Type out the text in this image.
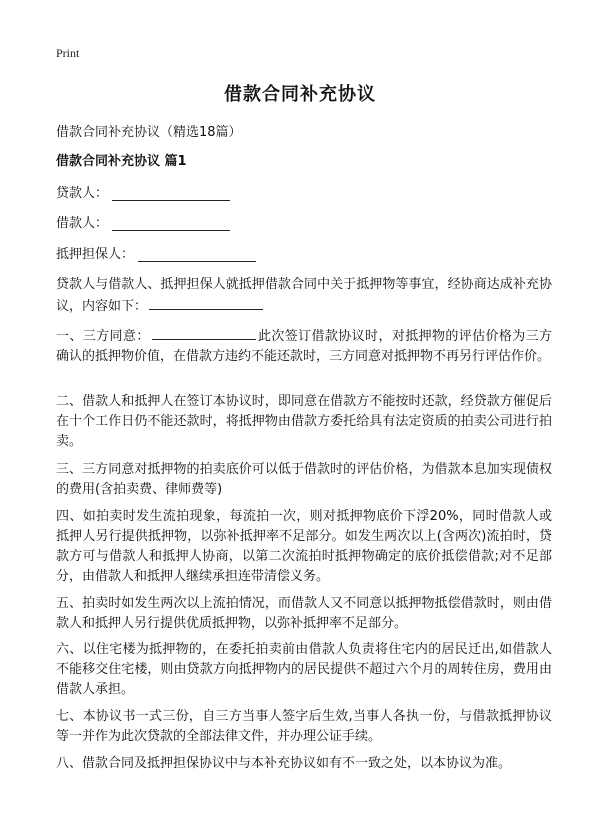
Print
借款合同补充协议
借款合同补充协议（精选18篇）
借款合同补充协议 篇1
贷款人：
借款人：
抵押担保人：
贷款人与借款人、抵押担保人就抵押借款合同中关于抵押物等事宜，经协商达成补充协议，内容如下：
一、三方同意：	此次签订借款协议时，对抵押物的评估价格为三方确认的抵押物价值，在借款方违约不能还款时，三方同意对抵押物不再另行评估作价。
二、借款人和抵押人在签订本协议时，即同意在借款方不能按时还款，经贷款方催促后在十个工作日仍不能还款时，将抵押物由借款方委托给具有法定资质的拍卖公司进行拍卖。
三、三方同意对抵押物的拍卖底价可以低于借款时的评估价格，为借款本息加实现债权的费用(含拍卖费、律师费等)
四、如拍卖时发生流拍现象，每流拍一次，则对抵押物底价下浮20%，同时借款人或抵押人另行提供抵押物，以弥补抵押率不足部分。如发生两次以上(含两次)流拍时，贷款方可与借款人和抵押人协商，以第二次流拍时抵押物确定的底价抵偿借款;对不足部分，由借款人和抵押人继续承担连带清偿义务。
五、拍卖时如发生两次以上流拍情况，而借款人又不同意以抵押物抵偿借款时，则由借款人和抵押人另行提供优质抵押物，以弥补抵押率不足部分。
六、以住宅楼为抵押物的，在委托拍卖前由借款人负责将住宅内的居民迁出,如借款人不能移交住宅楼，则由贷款方向抵押物内的居民提供不超过六个月的周转住房，费用由借款人承担。
七、本协议书一式三份，自三方当事人签字后生效,当事人各执一份，与借款抵押协议等一并作为此次贷款的全部法律文件，并办理公证手续。
八、借款合同及抵押担保协议中与本补充协议如有不一致之处，以本协议为准。
